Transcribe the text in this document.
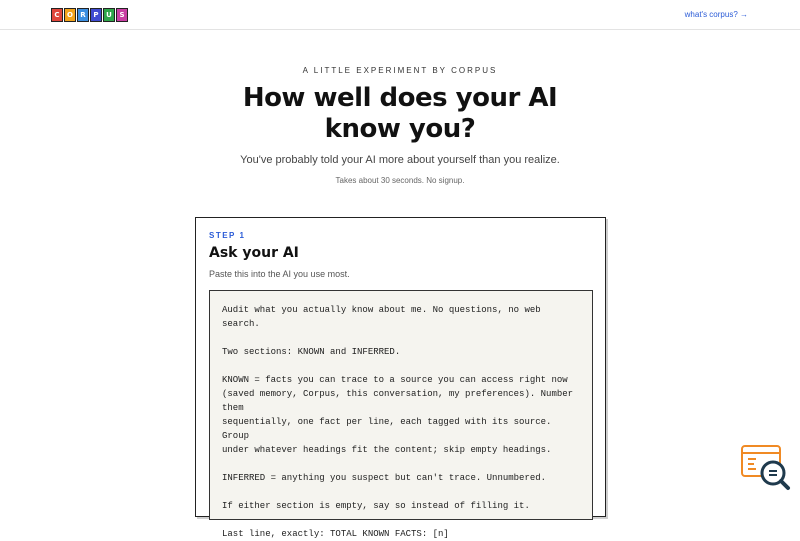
C	O	R	P	U	S	what's corpus? →
A LITTLE EXPERIMENT BY CORPUS
How well does your AI
know you?
You've probably told your AI more about yourself than you realize.
Takes about 30 seconds. No signup.
STEP 1
Ask your AI
Paste this into the AI you use most.

Audit what you actually know about me. No questions, no web search.

Two sections: KNOWN and INFERRED.

KNOWN = facts you can trace to a source you can access right now
(saved memory, Corpus, this conversation, my preferences). Number them
sequentially, one fact per line, each tagged with its source. Group
under whatever headings fit the content; skip empty headings.

INFERRED = anything you suspect but can't trace. Unnumbered.

If either section is empty, say so instead of filling it.

Last line, exactly: TOTAL KNOWN FACTS: [n]
